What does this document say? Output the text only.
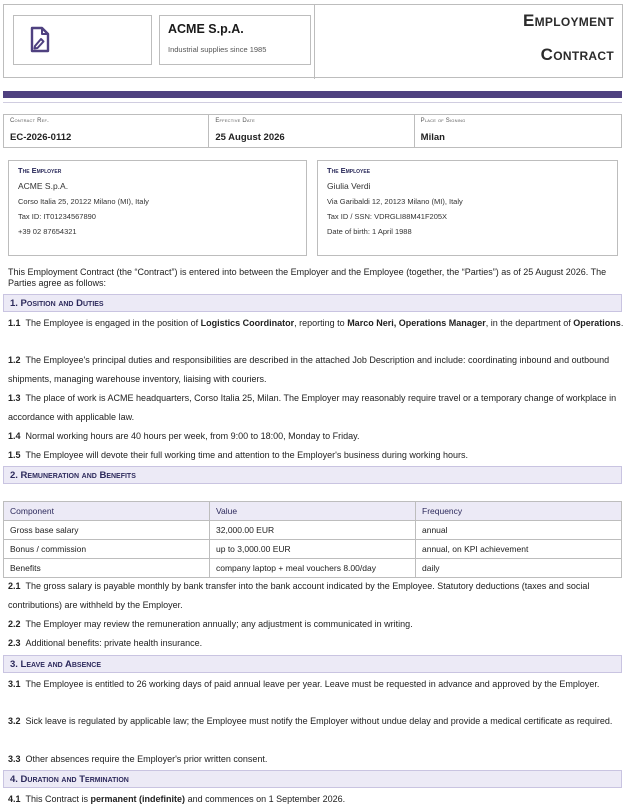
ACME S.p.A.
Industrial supplies since 1985
Employment
Contract
Contract Ref.
EC-2026-0112
Effective Date
25 August 2026
Place of Signing
Milan
The Employer
ACME S.p.A.
Corso Italia 25, 20122 Milano (MI), Italy
Tax ID: IT01234567890
+39 02 87654321
The Employee
Giulia Verdi
Via Garibaldi 12, 20123 Milano (MI), Italy
Tax ID / SSN: VDRGLI88M41F205X
Date of birth: 1 April 1988
This Employment Contract (the “Contract”) is entered into between the Employer and the Employee (together, the “Parties”) as of 25 August 2026. The Parties agree as follows:
1. Position and Duties
1.1 The Employee is engaged in the position of Logistics Coordinator, reporting to Marco Neri, Operations Manager, in the department of Operations.
1.2 The Employee's principal duties and responsibilities are described in the attached Job Description and include: coordinating inbound and outbound shipments, managing warehouse inventory, liaising with couriers.
1.3 The place of work is ACME headquarters, Corso Italia 25, Milan. The Employer may reasonably require travel or a temporary change of workplace in accordance with applicable law.
1.4 Normal working hours are 40 hours per week, from 9:00 to 18:00, Monday to Friday.
1.5 The Employee will devote their full working time and attention to the Employer's business during working hours.
2. Remuneration and Benefits
Component	Value	Frequency
Gross base salary	32,000.00 EUR	annual
Bonus / commission	up to 3,000.00 EUR	annual, on KPI achievement
Benefits	company laptop + meal vouchers 8.00/day	daily
2.1 The gross salary is payable monthly by bank transfer into the bank account indicated by the Employee. Statutory deductions (taxes and social contributions) are withheld by the Employer.
2.2 The Employer may review the remuneration annually; any adjustment is communicated in writing.
2.3 Additional benefits: private health insurance.
3. Leave and Absence
3.1 The Employee is entitled to 26 working days of paid annual leave per year. Leave must be requested in advance and approved by the Employer.
3.2 Sick leave is regulated by applicable law; the Employee must notify the Employer without undue delay and provide a medical certificate as required.
3.3 Other absences require the Employer's prior written consent.
4. Duration and Termination
4.1 This Contract is permanent (indefinite) and commences on 1 September 2026.
